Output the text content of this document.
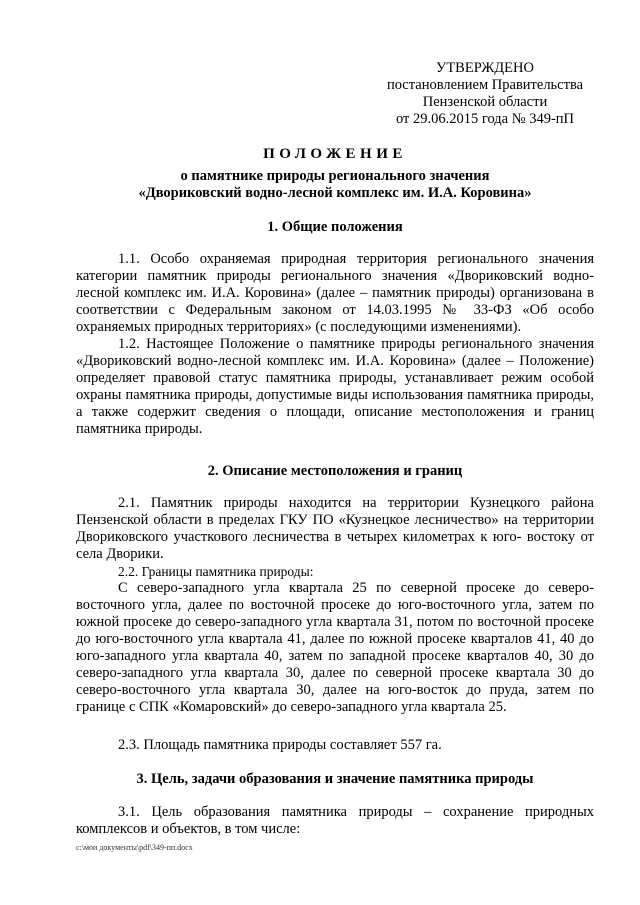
УТВЕРЖДЕНО
постановлением Правительства
Пензенской области
от 29.06.2015 года № 349-пП
ПОЛОЖЕНИЕ
о памятнике природы регионального значения
«Двориковский водно-лесной комплекс им. И.А. Коровина»
1. Общие положения
1.1. Особо охраняемая природная территория регионального значения категории памятник природы регионального значения «Двориковский водно-лесной комплекс им. И.А. Коровина» (далее – памятник природы) организована в соответствии с Федеральным законом от 14.03.1995 № 33-ФЗ «Об особо охраняемых природных территориях» (с последующими изменениями).
1.2. Настоящее Положение о памятнике природы регионального значения «Двориковский водно-лесной комплекс им. И.А. Коровина» (далее – Положение) определяет правовой статус памятника природы, устанавливает режим особой охраны памятника природы, допустимые виды использования памятника природы, а также содержит сведения о площади, описание местоположения и границ памятника природы.
2. Описание местоположения и границ
2.1. Памятник природы находится на территории Кузнецкого района Пензенской области в пределах ГКУ ПО «Кузнецкое лесничество» на территории Двориковского участкового лесничества в четырех километрах к юго- востоку от села Дворики.
2.2. Границы памятника природы:
С северо-западного угла квартала 25 по северной просеке до северо-восточного угла, далее по восточной просеке до юго-восточного угла, затем по южной просеке до северо-западного угла квартала 31, потом по восточной просеке до юго-восточного угла квартала 41, далее по южной просеке кварталов 41, 40 до юго-западного угла квартала 40, затем по западной просеке кварталов 40, 30 до северо-западного угла квартала 30, далее по северной просеке квартала 30 до северо-восточного угла квартала 30, далее на юго-восток до пруда, затем по границе с СПК «Комаровский» до северо-западного угла квартала 25.
2.3. Площадь памятника природы составляет 557 га.
3. Цель, задачи образования и значение памятника природы
3.1. Цель образования памятника природы – сохранение природных комплексов и объектов, в том числе:
c:\мои документы\pdf\349-пп.docx
